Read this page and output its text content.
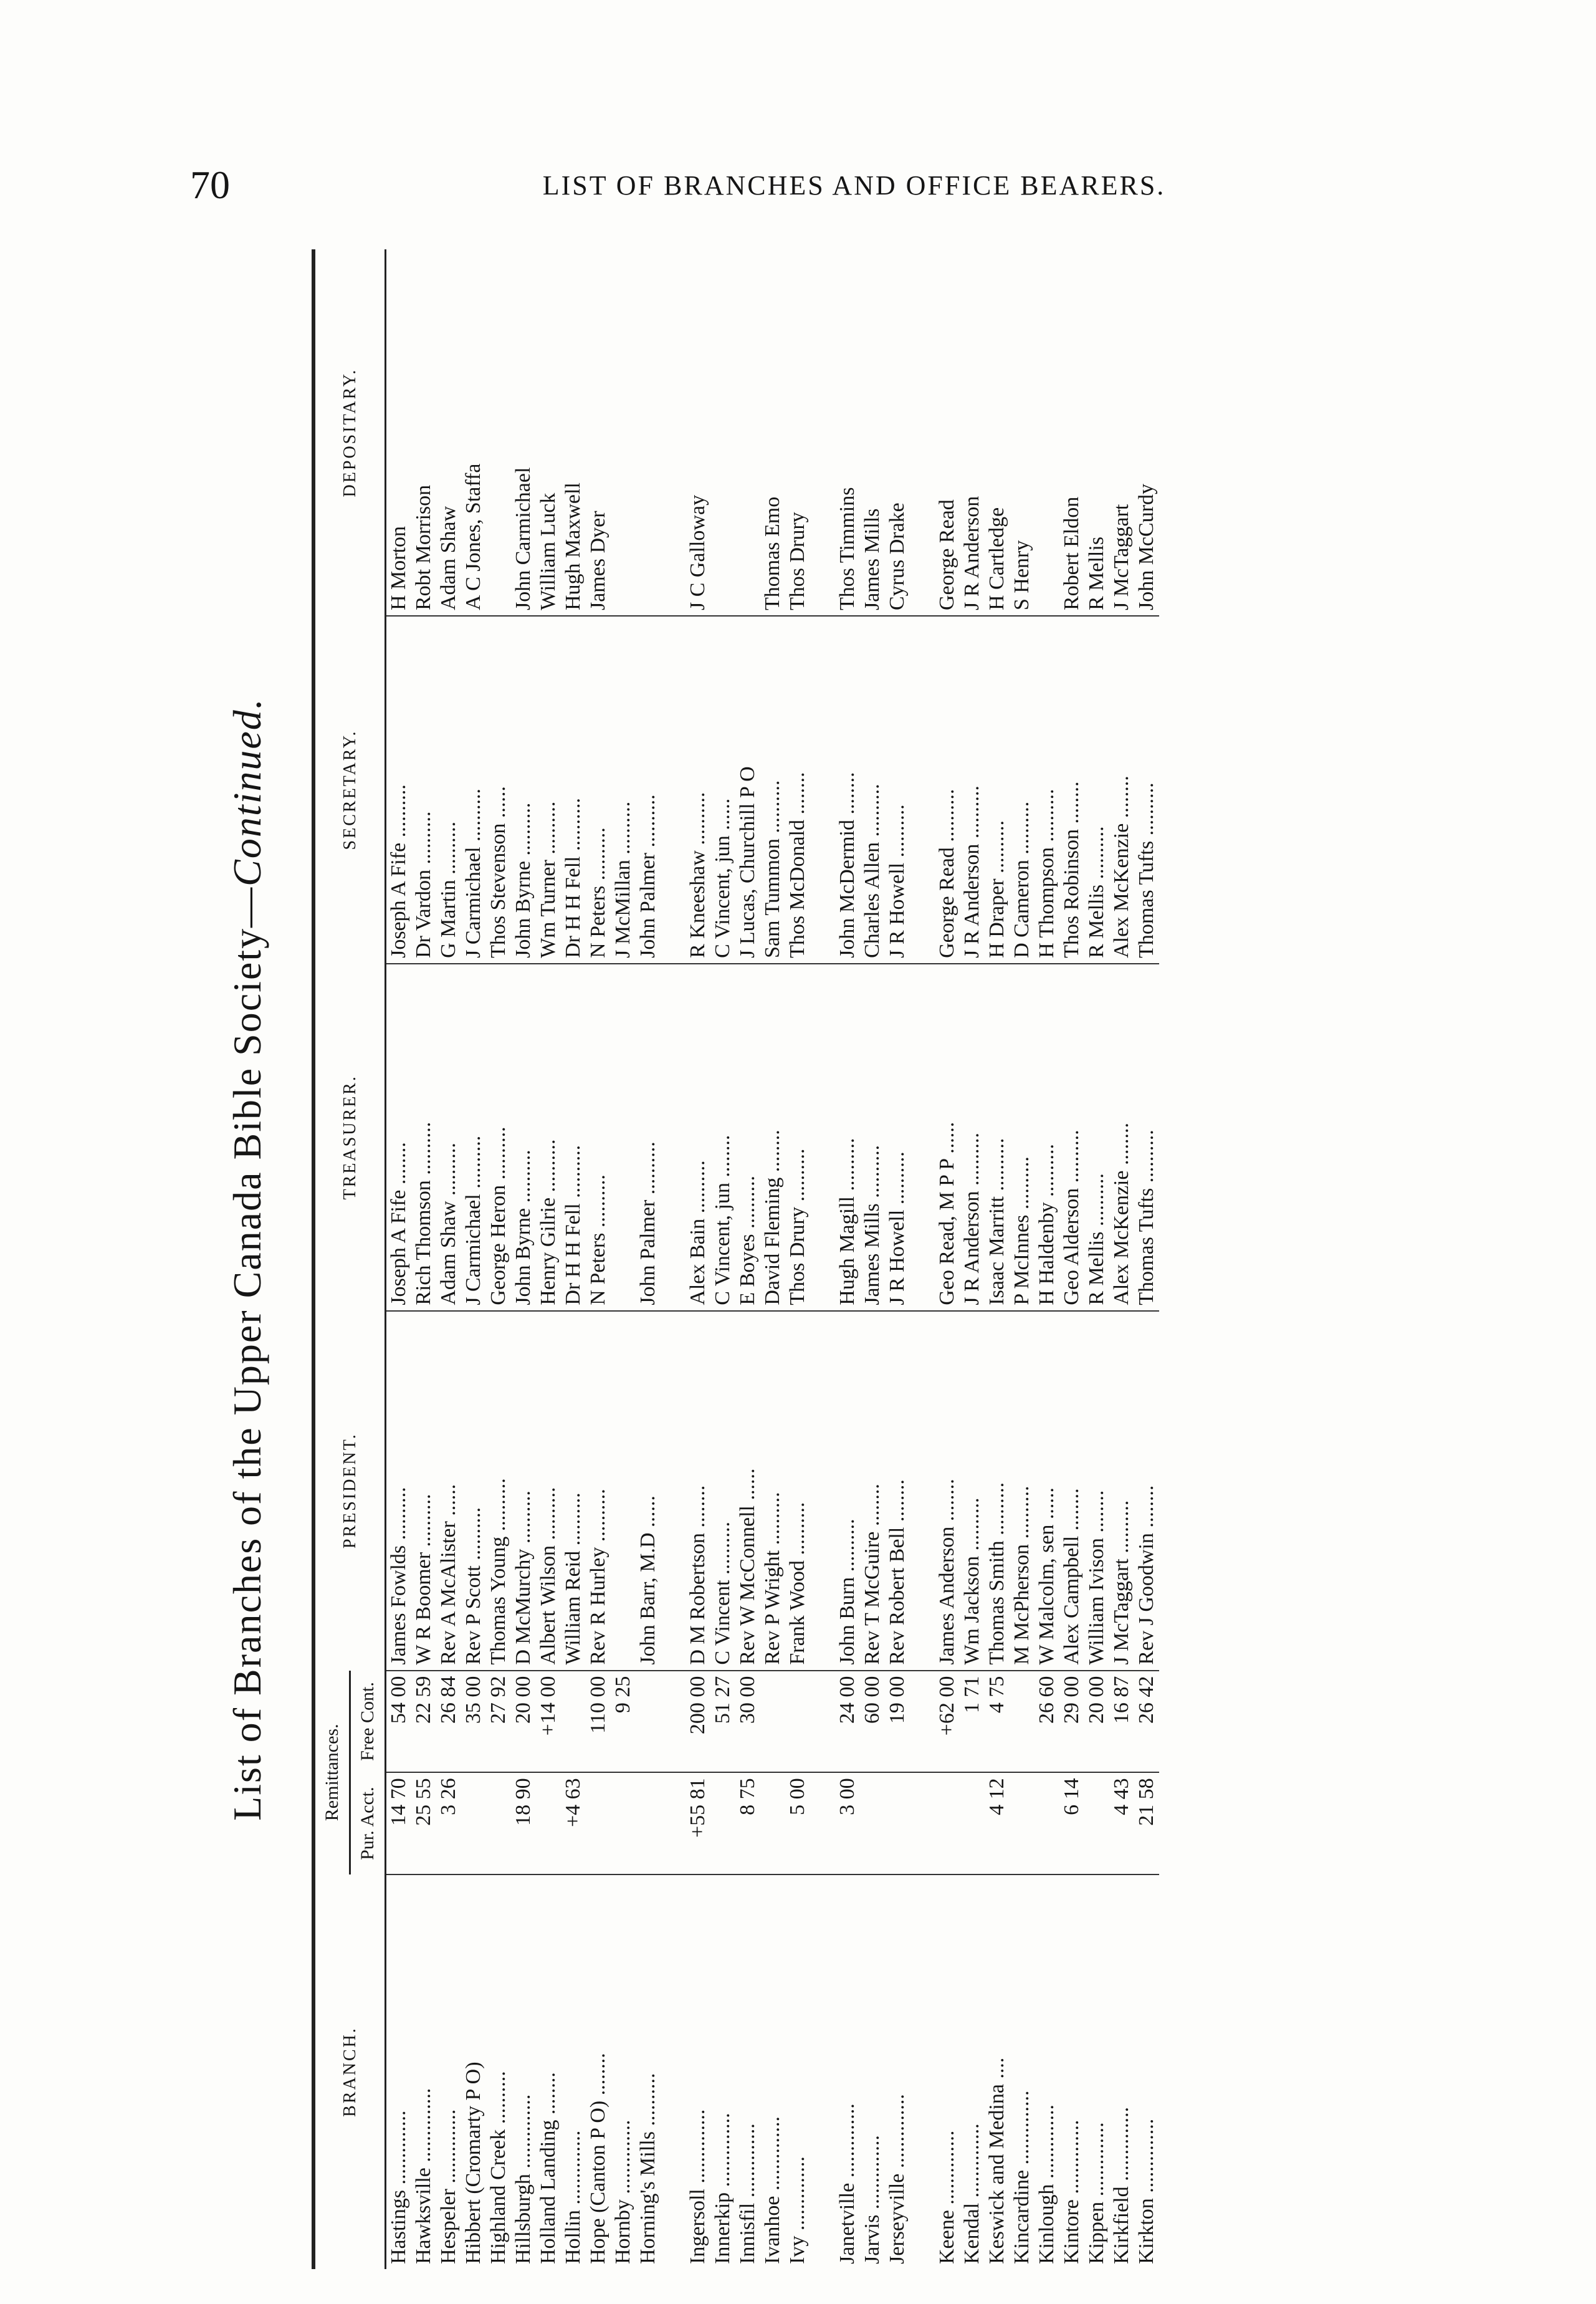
70	LIST OF BRANCHES AND OFFICE BEARERS.
List of Branches of the Upper Canada Bible Society—Continued.
BRANCH.	Remittances.		PRESIDENT.	TREASURER.	SECRETARY.	DEPOSITARY.
	Pur. Acct.	Free Cont.				
Hastings ..............	14 70	54 00	James Fowlds ..........	Joseph A Fife ........	Joseph A Fife ..........	H Morton
Hawksville ..............	25 55	22 59	W R Boomer ..........	Rich Thomson ..........	Dr Vardon ..........	Robt Morrison
Hespeler ..............	3 26	26 84	Rev A McAlister ......	Adam Shaw ..........	G Martin ..........	Adam Shaw
Hibbert (Cromarty P O)		35 00	Rev P Scott ..........	J Carmichael ..........	J Carmichael ..........	A C Jones, Staffa
Highland Creek ..........		27 92	Thomas Young ..........	George Heron ..........	Thos Stevenson ......	
Hillsburgh ..............	18 90	20 00	D McMurchy ..........	John Byrne ..........	John Byrne ..........	John Carmichael
Holland Landing ........		+14 00	Albert Wilson ..........	Henry Gilrie ..........	Wm Turner ..........	William Luck
Hollin ..............	+4 63		William Reid ..........	Dr H H Fell ..........	Dr H H Fell ..........	Hugh Maxwell
Hope (Canton P O) ........		110 00	Rev R Hurley ..........	N Peters ..........	N Peters ..........	James Dyer
Hornby ..............		9 25			J McMillan ..........	
Horning's Mills ..........			John Barr, M.D ......	John Palmer ..........	John Palmer ..........	

Ingersoll ..............	+55 81	200 00	D M Robertson ........	Alex Bain ..........	R Kneeshaw ..........	J C Galloway
Innerkip ..............		51 27	C Vincent ..........	C Vincent, jun ........	C Vincent, jun ......	
Innisfil ..............	8 75	30 00	Rev W McConnell ......	E Boyes ..........	J Lucas, Churchill P O	
Ivanhoe ..............			Rev P Wright ..........	David Fleming ........	Sam Tummon ..........	Thomas Emo
Ivy ..............	5 00		Frank Wood ..........	Thos Drury ..........	Thos McDonald ........	Thos Drury

Janetville ..............	3 00	24 00	John Burn ..........	Hugh Magill ..........	John McDermid ........	Thos Timmins
Jarvis ..............		60 00	Rev T McGuire ........	James Mills ..........	Charles Allen ..........	James Mills
Jerseyville ..............		19 00	Rev Robert Bell ........	J R Howell ..........	J R Howell ..........	Cyrus Drake

Keene ..............		+62 00	James Anderson ........	Geo Read, M P P ......	George Read ..........	George Read
Kendal ..............		1 71	Wm Jackson ..........	J R Anderson ..........	J R Anderson ..........	J R Anderson
Keswick and Medina ....	4 12	4 75	Thomas Smith ..........	Isaac Marritt ..........	H Draper ..........	H Cartledge
Kincardine ..............			M McPherson ..........	P McInnes ..........	D Cameron ..........	S Henry
Kinlough ..............		26 60	W Malcolm, sen ......	H Haldenby ..........	H Thompson ..........	
Kintore ..............	6 14	29 00	Alex Campbell ........	Geo Alderson ..........	Thos Robinson ........	Robert Eldon
Kippen ..............		20 00	William Ivison ........	R Mellis ..........	R Mellis ..........	R Mellis
Kirkfield ..............	4 43	16 87	J McTaggart ..........	Alex McKenzie ........	Alex McKenzie ........	J McTaggart
Kirkton ..............	21 58	26 42	Rev J Goodwin ........	Thomas Tufts ..........	Thomas Tufts ..........	John McCurdy
